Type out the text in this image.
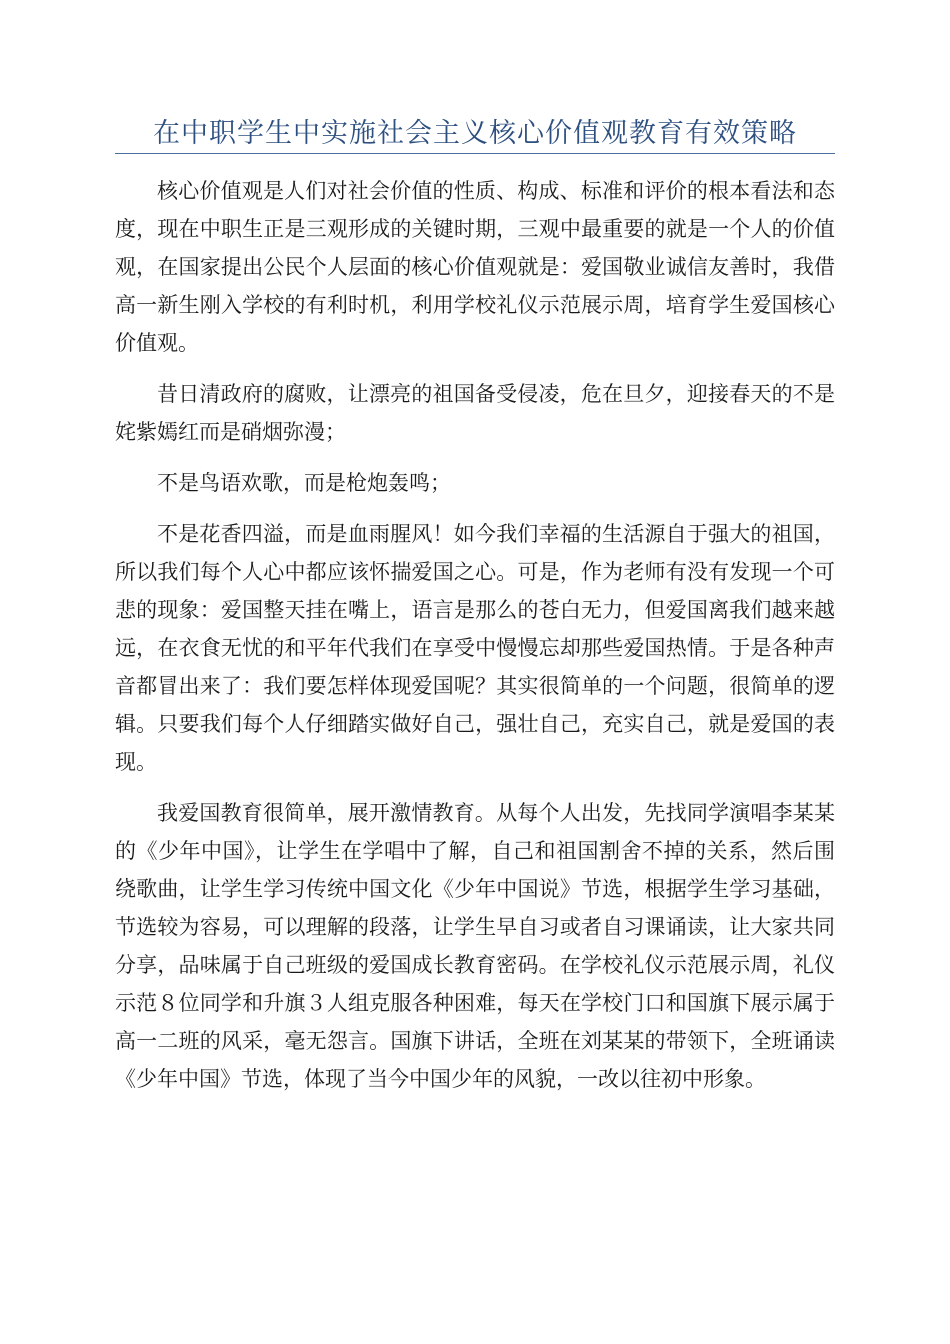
在中职学生中实施社会主义核心价值观教育有效策略

核心价值观是人们对社会价值的性质、构成、标准和评价的根本看法和态度，现在中职生正是三观形成的关键时期，三观中最重要的就是一个人的价值观，在国家提出公民个人层面的核心价值观就是：爱国敬业诚信友善时，我借高一新生刚入学校的有利时机，利用学校礼仪示范展示周，培育学生爱国核心价值观。

昔日清政府的腐败，让漂亮的祖国备受侵凌，危在旦夕，迎接春天的不是姹紫嫣红而是硝烟弥漫；

不是鸟语欢歌，而是枪炮轰鸣；

不是花香四溢，而是血雨腥风！如今我们幸福的生活源自于强大的祖国，所以我们每个人心中都应该怀揣爱国之心。可是，作为老师有没有发现一个可悲的现象：爱国整天挂在嘴上，语言是那么的苍白无力，但爱国离我们越来越远，在衣食无忧的和平年代我们在享受中慢慢忘却那些爱国热情。于是各种声音都冒出来了：我们要怎样体现爱国呢？其实很简单的一个问题，很简单的逻辑。只要我们每个人仔细踏实做好自己，强壮自己，充实自己，就是爱国的表现。

我爱国教育很简单，展开激情教育。从每个人出发，先找同学演唱李某某的《少年中国》，让学生在学唱中了解，自己和祖国割舍不掉的关系，然后围绕歌曲，让学生学习传统中国文化《少年中国说》节选，根据学生学习基础，节选较为容易，可以理解的段落，让学生早自习或者自习课诵读，让大家共同分享，品味属于自己班级的爱国成长教育密码。在学校礼仪示范展示周，礼仪示范８位同学和升旗３人组克服各种困难，每天在学校门口和国旗下展示属于高一二班的风采，毫无怨言。国旗下讲话，全班在刘某某的带领下，全班诵读《少年中国》节选，体现了当今中国少年的风貌，一改以往初中形象。
